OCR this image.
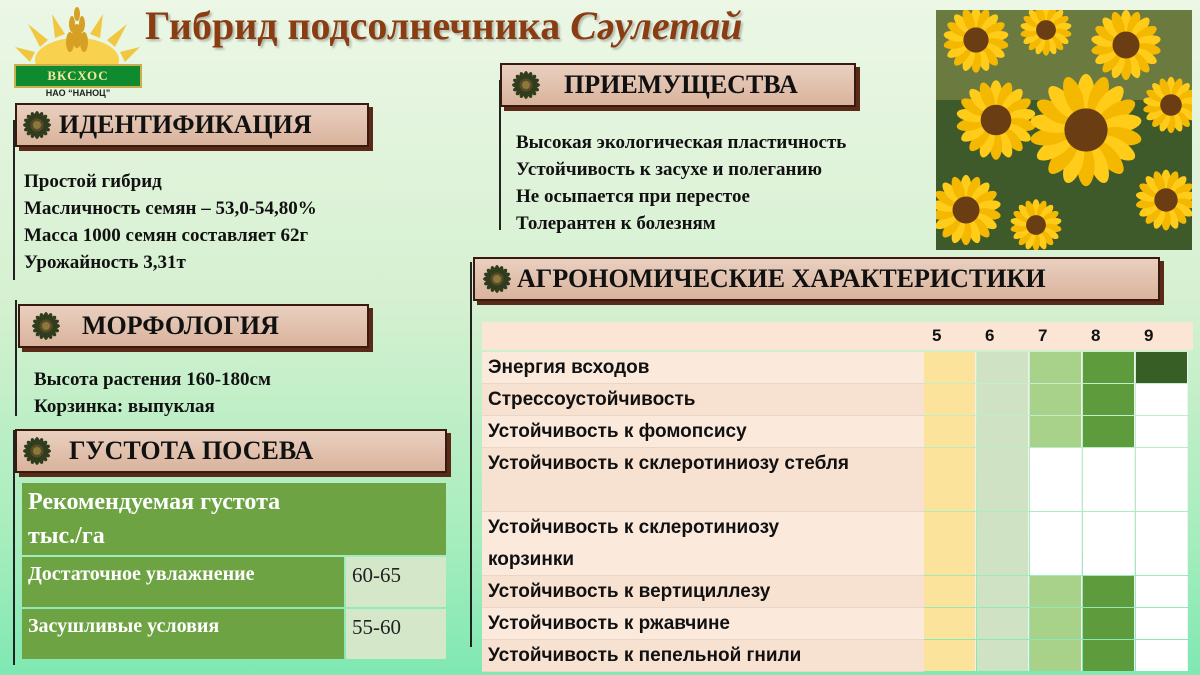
ВКСХОС
НАО “НАНОЦ”
Гибрид подсолнечника Сәулетай
ИДЕНТИФИКАЦИЯ
Простой гибрид
Масличность семян – 53,0-54,80%
Масса 1000 семян составляет 62г
Урожайность 3,31т
МОРФОЛОГИЯ
Высота растения 160-180см
Корзинка: выпуклая
ГУСТОТА ПОСЕВА
Рекомендуемая густота
тыс./га
Достаточное увлажнение	60-65
Засушливые условия	55-60
ПРИЕМУЩЕСТВА
Высокая экологическая пластичность
Устойчивость к засухе и полеганию
Не осыпается при перестое
Толерантен к болезням
АГРОНОМИЧЕСКИЕ ХАРАКТЕРИСТИКИ
5	6	7	8	9
Энергия всходов
Стрессоустойчивость
Устойчивость к фомопсису
Устойчивость к склеротиниозу стебля
Устойчивость к склеротиниозу
корзинки
Устойчивость к вертициллезу
Устойчивость к ржавчине
Устойчивость к пепельной гнили
